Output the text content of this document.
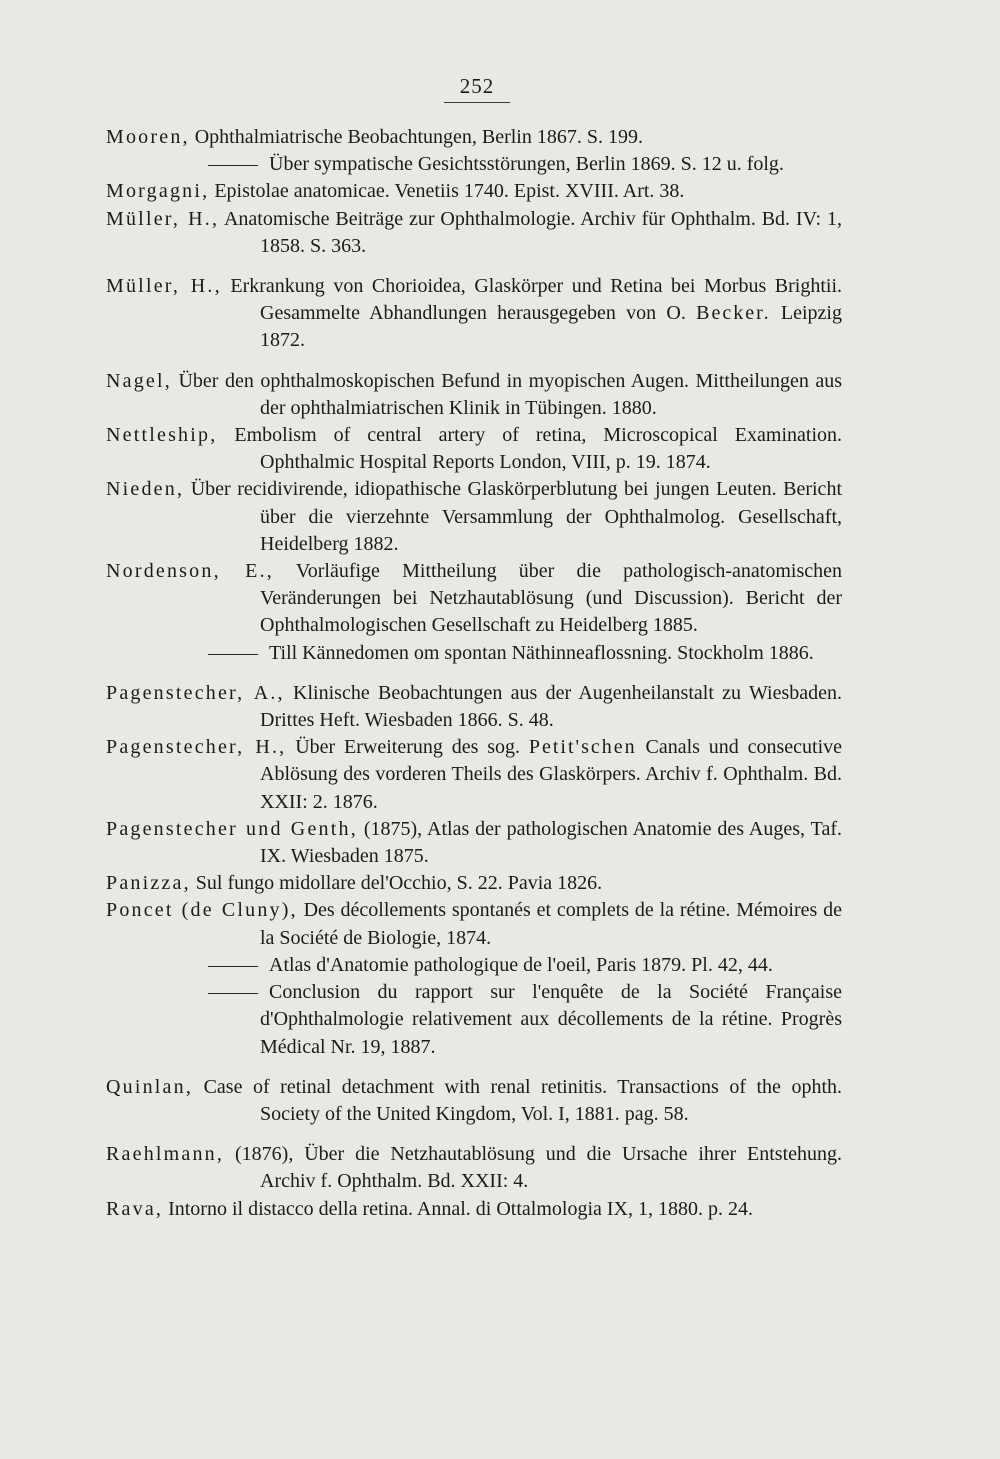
252
Mooren, Ophthalmiatrische Beobachtungen, Berlin 1867. S. 199.
Über sympatische Gesichtsstörungen, Berlin 1869. S. 12 u. folg.
Morgagni, Epistolae anatomicae. Venetiis 1740. Epist. XVIII. Art. 38.
Müller, H., Anatomische Beiträge zur Ophthalmologie. Archiv für Ophthalm. Bd. IV: 1, 1858. S. 363.
Müller, H., Erkrankung von Chorioidea, Glaskörper und Retina bei Morbus Brightii. Gesammelte Abhandlungen herausgegeben von O. Becker. Leipzig 1872.
Nagel, Über den ophthalmoskopischen Befund in myopischen Augen. Mittheilungen aus der ophthalmiatrischen Klinik in Tübingen. 1880.
Nettleship, Embolism of central artery of retina, Microscopical Examination. Ophthalmic Hospital Reports London, VIII, p. 19. 1874.
Nieden, Über recidivirende, idiopathische Glaskörperblutung bei jungen Leuten. Bericht über die vierzehnte Versammlung der Ophthalmolog. Gesellschaft, Heidelberg 1882.
Nordenson, E., Vorläufige Mittheilung über die pathologisch-anatomischen Veränderungen bei Netzhautablösung (und Discussion). Bericht der Ophthalmologischen Gesellschaft zu Heidelberg 1885.
Till Kännedomen om spontan Näthinneaflossning. Stockholm 1886.
Pagenstecher, A., Klinische Beobachtungen aus der Augenheilanstalt zu Wiesbaden. Drittes Heft. Wiesbaden 1866. S. 48.
Pagenstecher, H., Über Erweiterung des sog. Petit'schen Canals und consecutive Ablösung des vorderen Theils des Glaskörpers. Archiv f. Ophthalm. Bd. XXII: 2. 1876.
Pagenstecher und Genth, (1875), Atlas der pathologischen Anatomie des Auges, Taf. IX. Wiesbaden 1875.
Panizza, Sul fungo midollare del'Occhio, S. 22. Pavia 1826.
Poncet (de Cluny), Des décollements spontanés et complets de la rétine. Mémoires de la Société de Biologie, 1874.
Atlas d'Anatomie pathologique de l'oeil, Paris 1879. Pl. 42, 44.
Conclusion du rapport sur l'enquête de la Société Française d'Ophthalmologie relativement aux décollements de la rétine. Progrès Médical Nr. 19, 1887.
Quinlan, Case of retinal detachment with renal retinitis. Transactions of the ophth. Society of the United Kingdom, Vol. I, 1881. pag. 58.
Raehlmann, (1876), Über die Netzhautablösung und die Ursache ihrer Entstehung. Archiv f. Ophthalm. Bd. XXII: 4.
Rava, Intorno il distacco della retina. Annal. di Ottalmologia IX, 1, 1880. p. 24.
